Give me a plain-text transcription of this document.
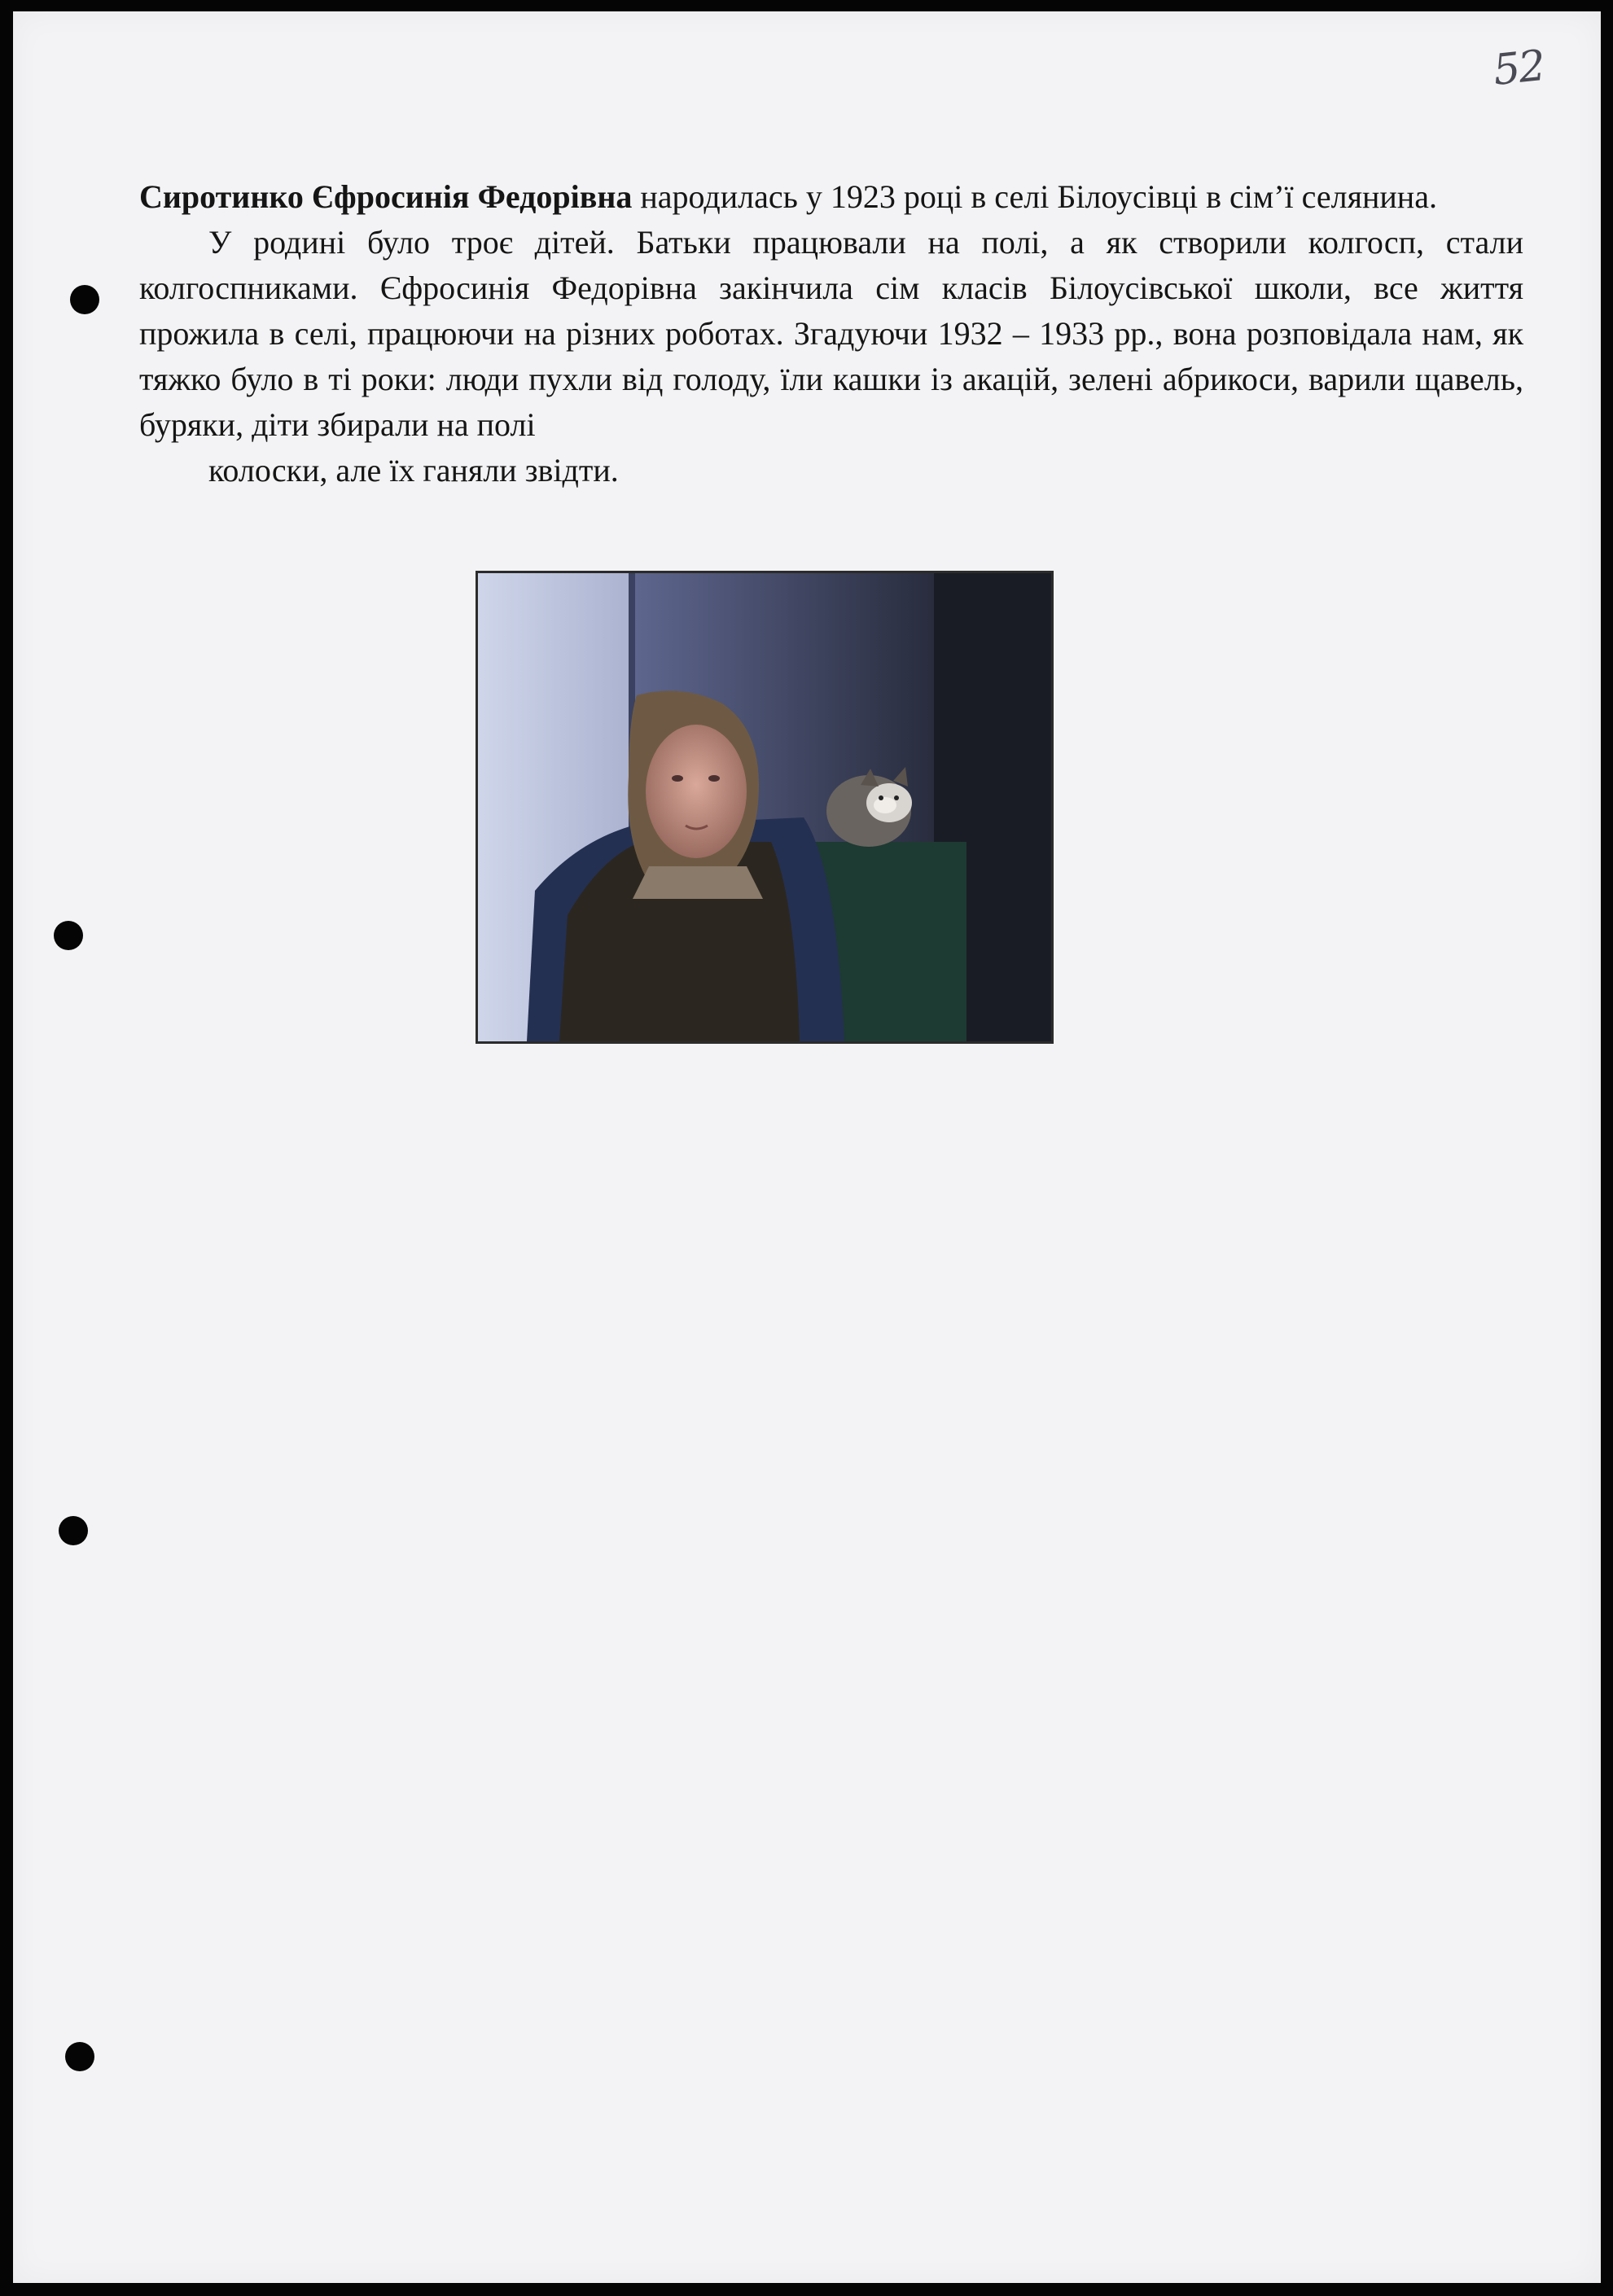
52

Сиротинко Єфросинія Федорівна народилась у 1923 році в селі Білоусівці в сім’ї селянина.

У родині було троє дітей. Батьки працювали на полі, а як створили колгосп, стали колгоспниками. Єфросинія Федорівна закінчила сім класів Білоусівської школи, все життя прожила в селі, працюючи на різних роботах. Згадуючи 1932 – 1933 рр., вона розповідала нам, як тяжко було в ті роки: люди пухли від голоду, їли кашки із акацій, зелені абрикоси, варили щавель, буряки, діти збирали на полі

колоски, але їх ганяли звідти.
